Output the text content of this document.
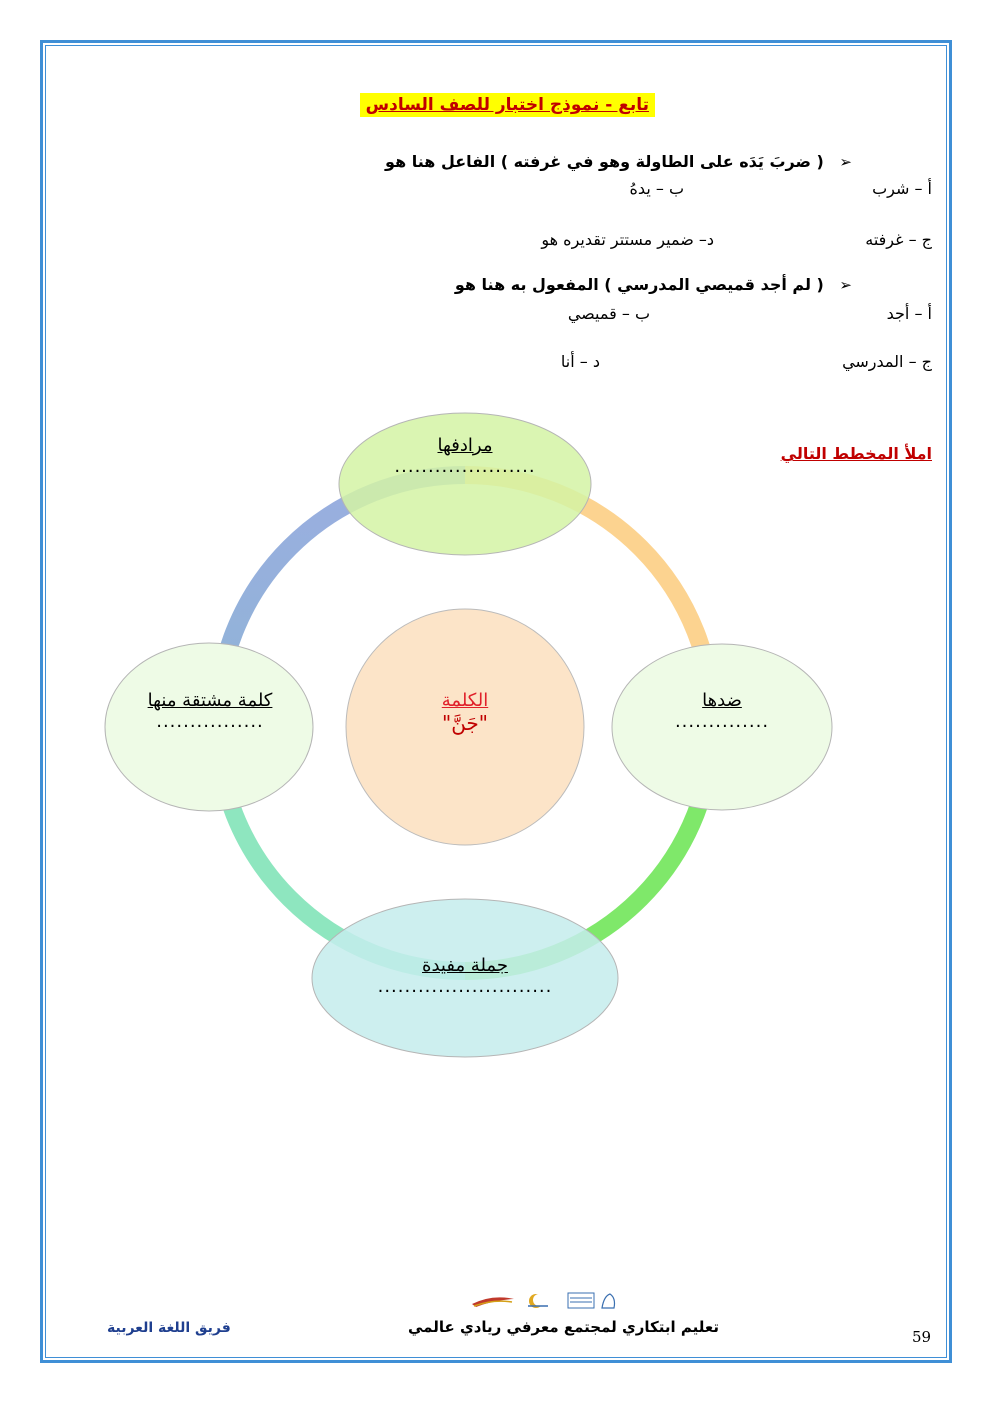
تابع - نموذج اختبار للصف السادس
➢ ( ضربَ يَدَه على الطاولة وهو في غرفته ) الفاعل هنا هو
أ – شرب
ب – يدهُ
ج – غرفته
د– ضمير مستتر تقديره هو
➢ ( لم أجد قميصي المدرسي ) المفعول به هنا هو
أ – أجد
ب – قميصي
ج – المدرسي
د – أنا
املأ المخطط التالي
مرادفها
.....................
الكلمة
"جَنَّ"
ضدها
..............
كلمة مشتقة منها
................
جملة مفيدة
..........................
فريق اللغة العربية	تعليم ابتكاري لمجتمع معرفي ريادي عالمي
59
